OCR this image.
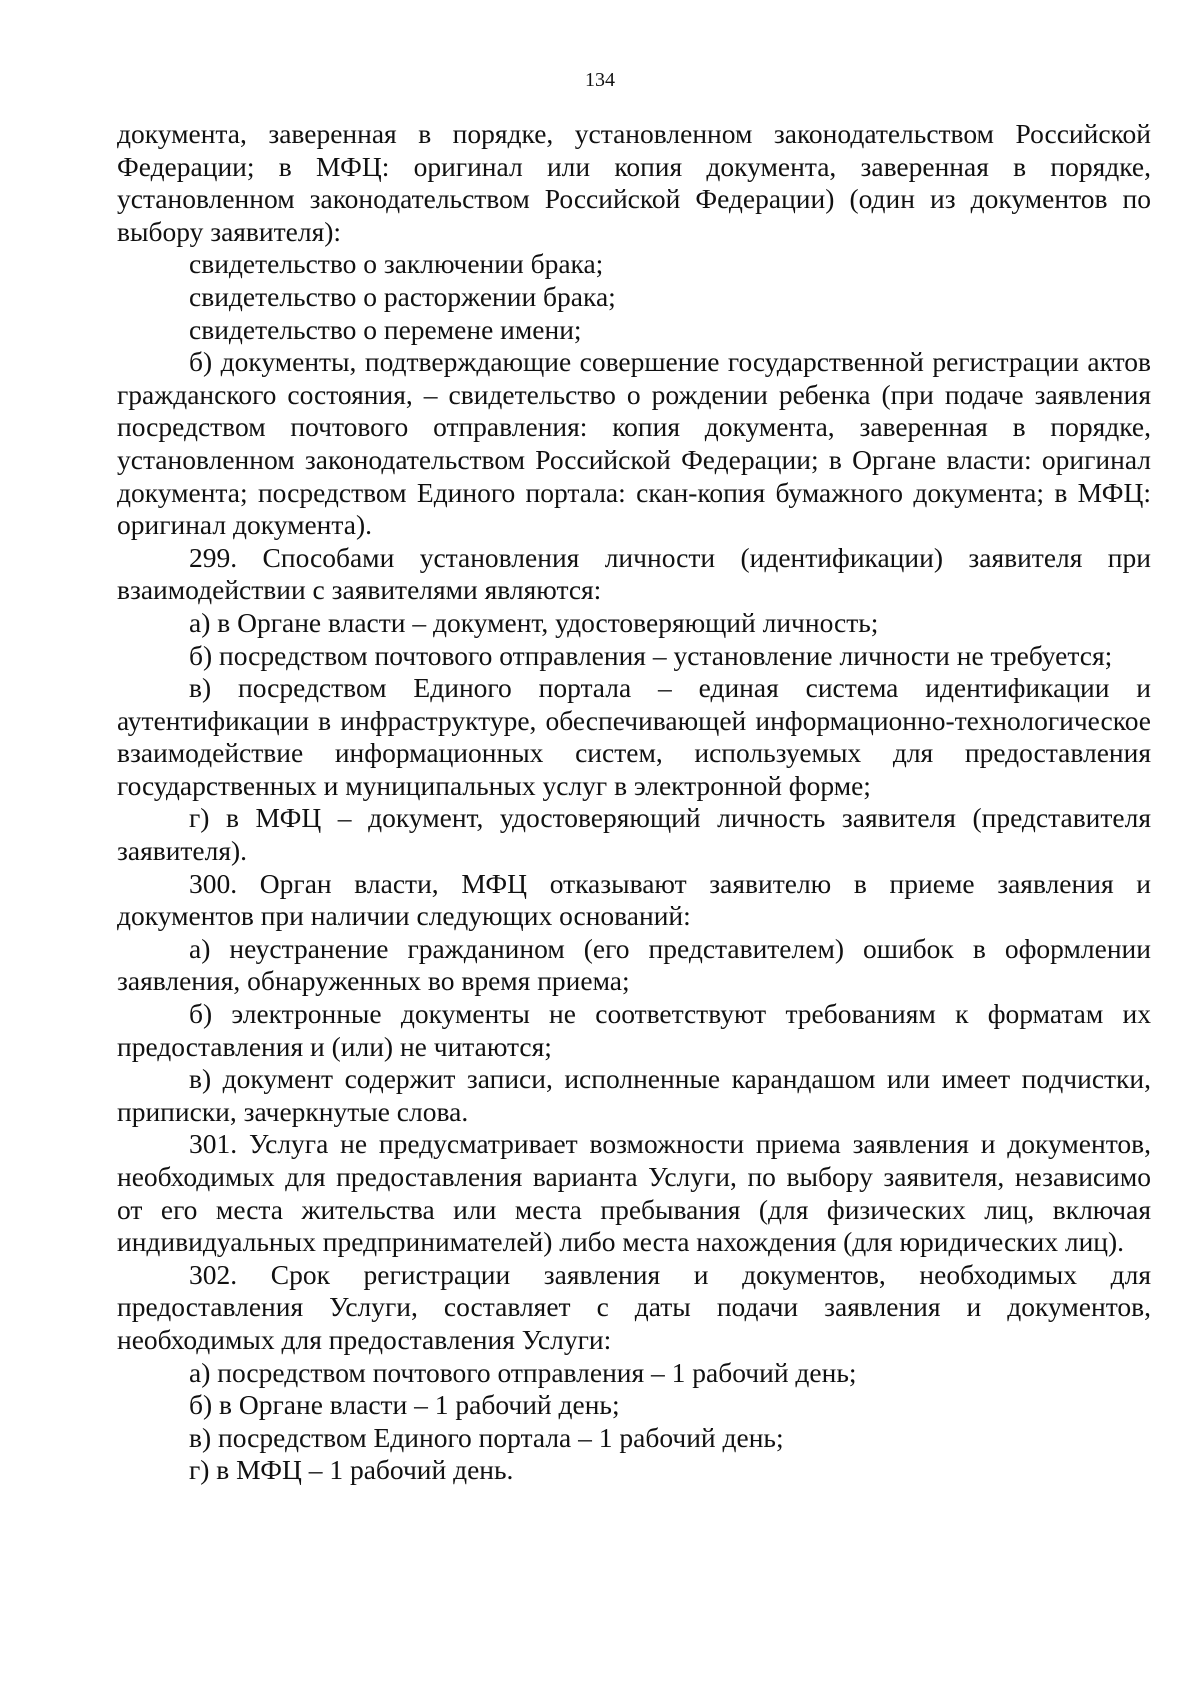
134

документа, заверенная в порядке, установленном законодательством Российской Федерации; в МФЦ: оригинал или копия документа, заверенная в порядке, установленном законодательством Российской Федерации) (один из документов по выбору заявителя):

свидетельство о заключении брака;

свидетельство о расторжении брака;

свидетельство о перемене имени;

б) документы, подтверждающие совершение государственной регистрации актов гражданского состояния, – свидетельство о рождении ребенка (при подаче заявления посредством почтового отправления: копия документа, заверенная в порядке, установленном законодательством Российской Федерации; в Органе власти: оригинал документа; посредством Единого портала: скан-копия бумажного документа; в МФЦ: оригинал документа).

299. Способами установления личности (идентификации) заявителя при взаимодействии с заявителями являются:

а) в Органе власти – документ, удостоверяющий личность;

б) посредством почтового отправления – установление личности не требуется;

в) посредством Единого портала – единая система идентификации и аутентификации в инфраструктуре, обеспечивающей информационно-технологическое взаимодействие информационных систем, используемых для предоставления государственных и муниципальных услуг в электронной форме;

г) в МФЦ – документ, удостоверяющий личность заявителя (представителя заявителя).

300. Орган власти, МФЦ отказывают заявителю в приеме заявления и документов при наличии следующих оснований:

а) неустранение гражданином (его представителем) ошибок в оформлении заявления, обнаруженных во время приема;

б) электронные документы не соответствуют требованиям к форматам их предоставления и (или) не читаются;

в) документ содержит записи, исполненные карандашом или имеет подчистки, приписки, зачеркнутые слова.

301. Услуга не предусматривает возможности приема заявления и документов, необходимых для предоставления варианта Услуги, по выбору заявителя, независимо от его места жительства или места пребывания (для физических лиц, включая индивидуальных предпринимателей) либо места нахождения (для юридических лиц).

302. Срок регистрации заявления и документов, необходимых для предоставления Услуги, составляет с даты подачи заявления и документов, необходимых для предоставления Услуги:

а) посредством почтового отправления – 1 рабочий день;

б) в Органе власти – 1 рабочий день;

в) посредством Единого портала – 1 рабочий день;

г) в МФЦ – 1 рабочий день.
